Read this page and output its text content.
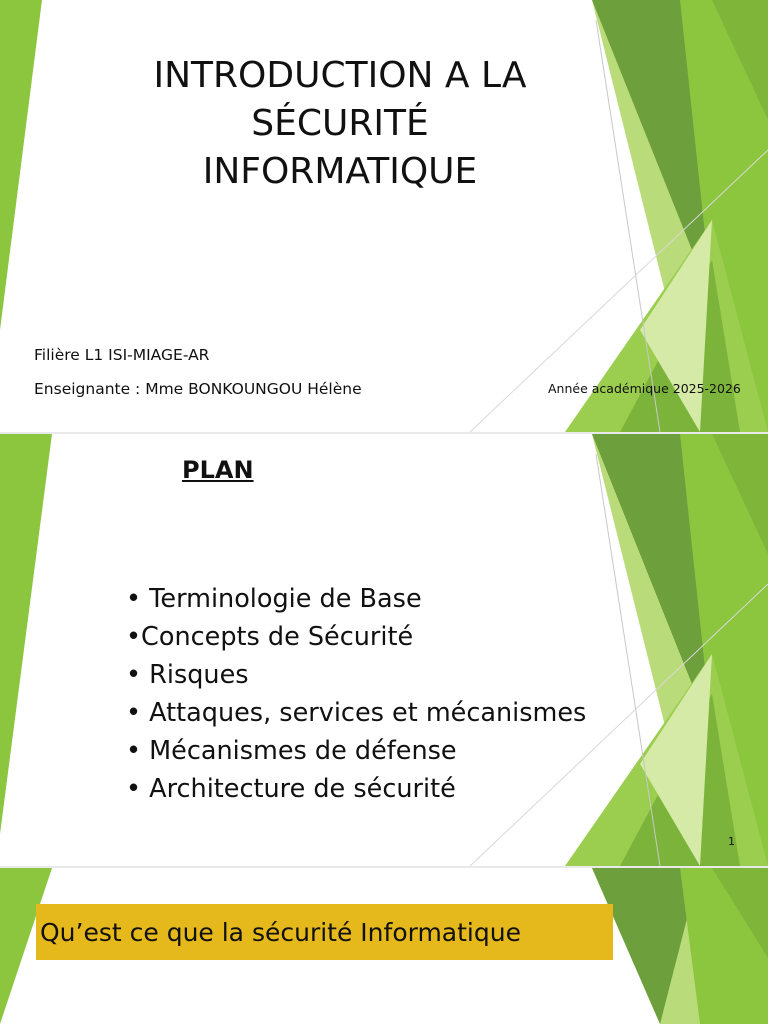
INTRODUCTION A LA
SÉCURITÉ
INFORMATIQUE
Filière L1 ISI-MIAGE-AR
Enseignante : Mme BONKOUNGOU Hélène	Année académique 2025-2026
PLAN
• Terminologie de Base
•Concepts de Sécurité
• Risques
• Attaques, services et mécanismes
• Mécanismes de défense
• Architecture de sécurité
1
Qu’est ce que la sécurité Informatique
